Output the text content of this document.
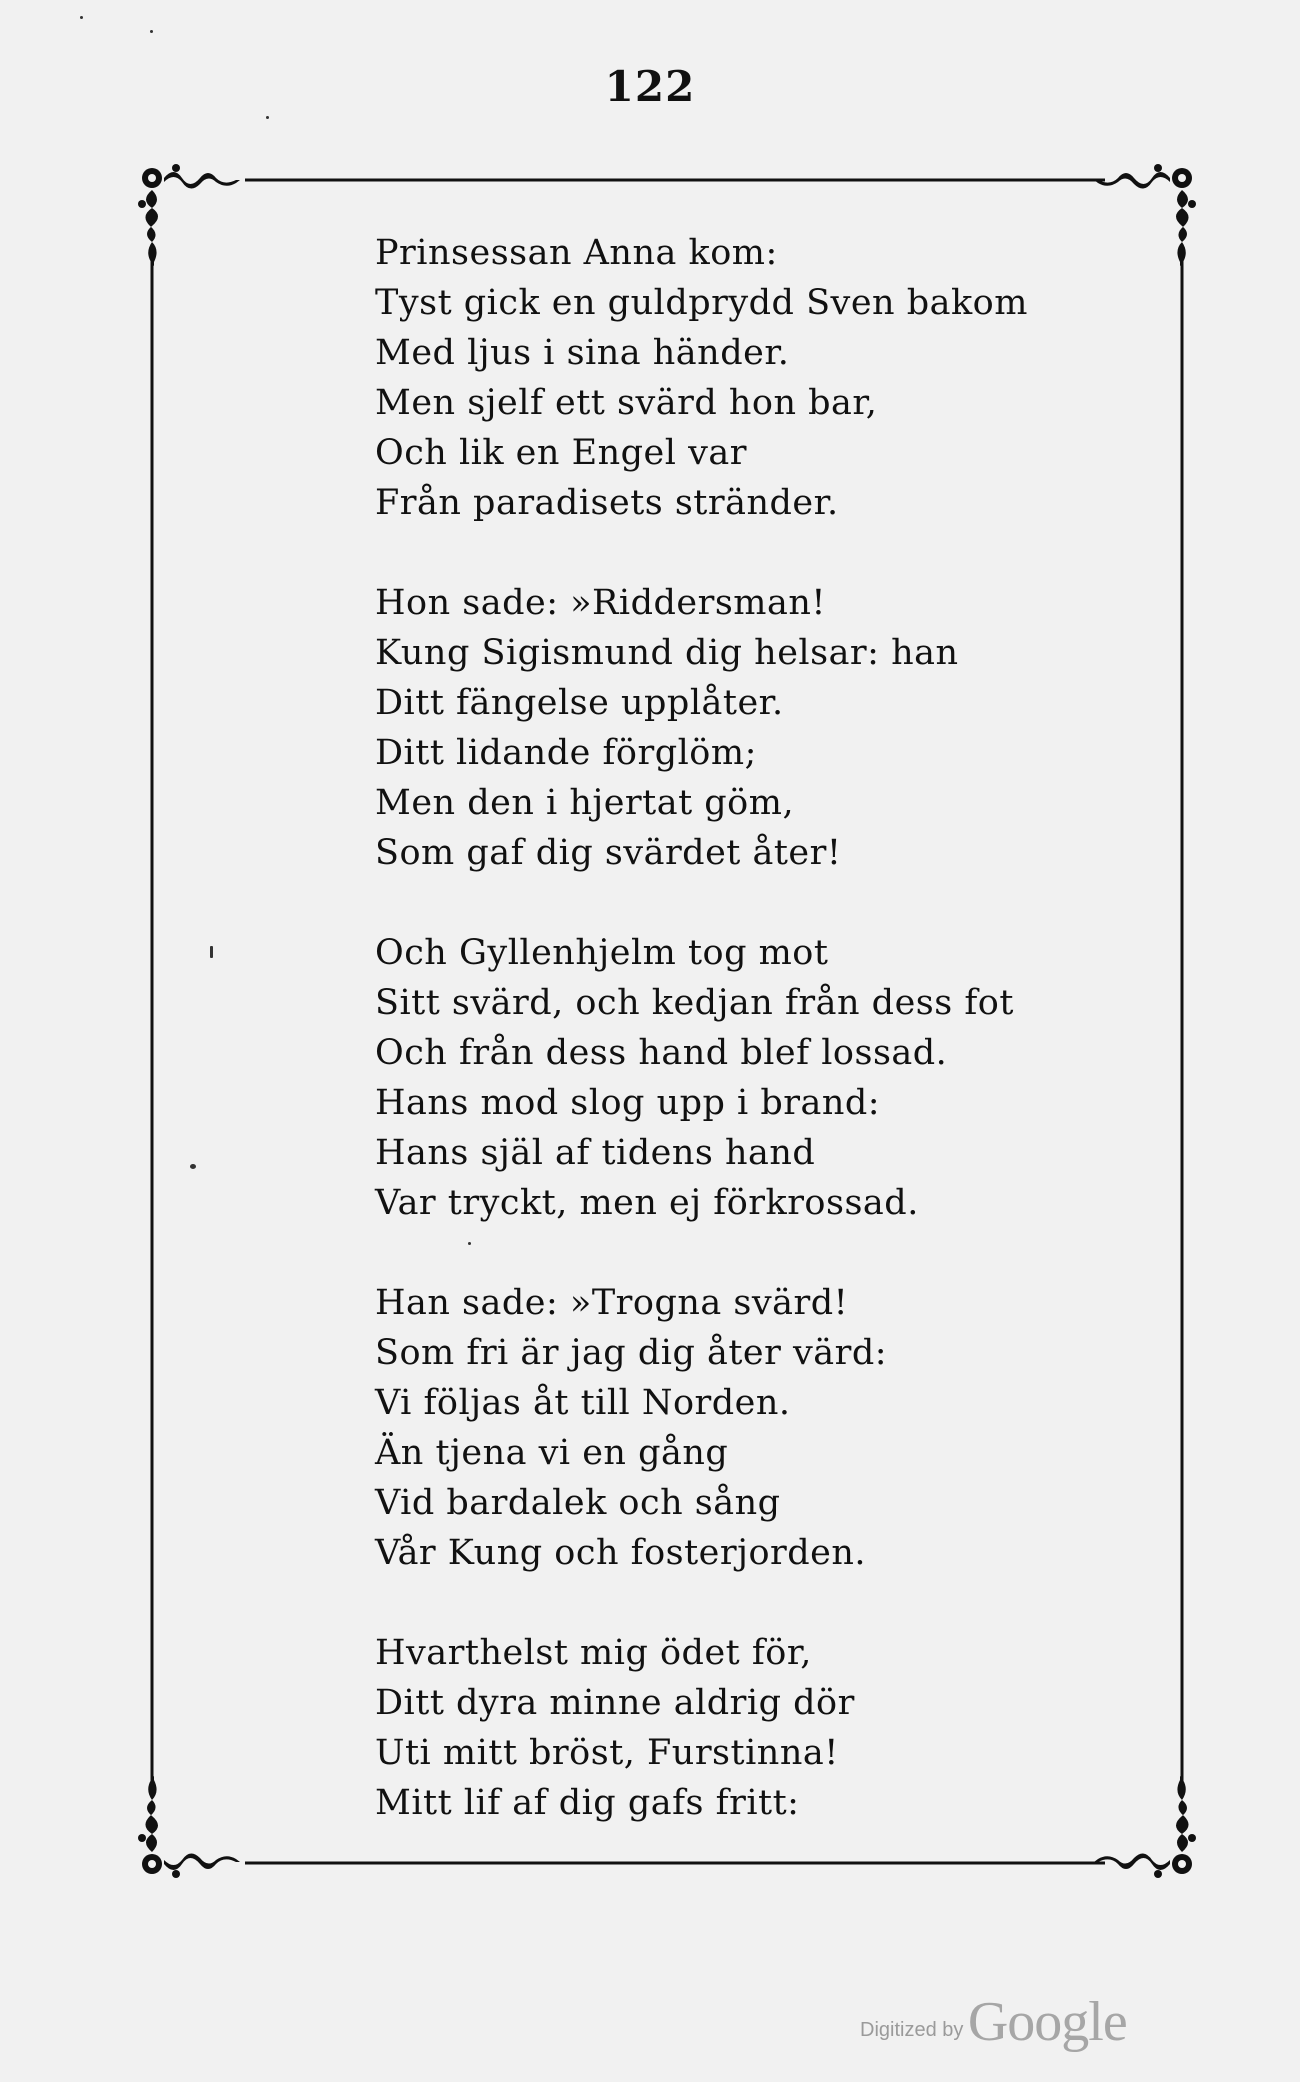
122
Prinsessan Anna kom:
Tyst gick en guldprydd Sven bakom
Med ljus i sina händer.
Men sjelf ett svärd hon bar,
Och lik en Engel var
Från paradisets stränder.
Hon sade: »Riddersman!
Kung Sigismund dig helsar: han
Ditt fängelse upplåter.
Ditt lidande förglöm;
Men den i hjertat göm,
Som gaf dig svärdet åter!
Och Gyllenhjelm tog mot
Sitt svärd, och kedjan från dess fot
Och från dess hand blef lossad.
Hans mod slog upp i brand:
Hans själ af tidens hand
Var tryckt, men ej förkrossad.
Han sade: »Trogna svärd!
Som fri är jag dig åter värd:
Vi följas åt till Norden.
Än tjena vi en gång
Vid bardalek och sång
Vår Kung och fosterjorden.
Hvarthelst mig ödet för,
Ditt dyra minne aldrig dör
Uti mitt bröst, Furstinna!
Mitt lif af dig gafs fritt:
Digitized by Google
